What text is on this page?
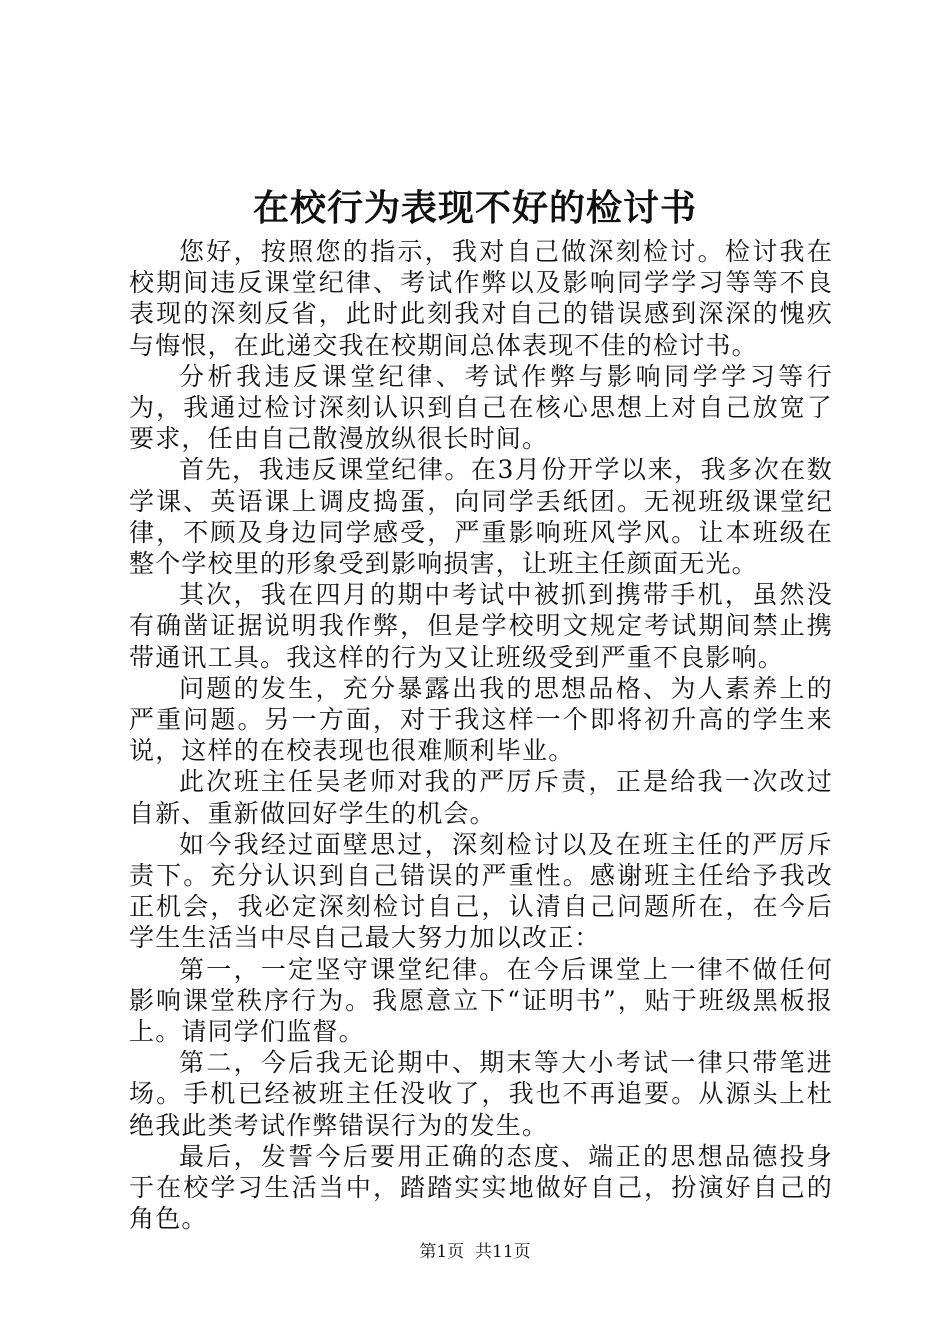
在校行为表现不好的检讨书

您好，按照您的指示，我对自己做深刻检讨。检讨我在校期间违反课堂纪律、考试作弊以及影响同学学习等等不良表现的深刻反省，此时此刻我对自己的错误感到深深的愧疚与悔恨，在此递交我在校期间总体表现不佳的检讨书。

分析我违反课堂纪律、考试作弊与影响同学学习等行为，我通过检讨深刻认识到自己在核心思想上对自己放宽了要求，任由自己散漫放纵很长时间。

首先，我违反课堂纪律。在3月份开学以来，我多次在数学课、英语课上调皮捣蛋，向同学丢纸团。无视班级课堂纪律，不顾及身边同学感受，严重影响班风学风。让本班级在整个学校里的形象受到影响损害，让班主任颜面无光。

其次，我在四月的期中考试中被抓到携带手机，虽然没有确凿证据说明我作弊，但是学校明文规定考试期间禁止携带通讯工具。我这样的行为又让班级受到严重不良影响。

问题的发生，充分暴露出我的思想品格、为人素养上的严重问题。另一方面，对于我这样一个即将初升高的学生来说，这样的在校表现也很难顺利毕业。

此次班主任吴老师对我的严厉斥责，正是给我一次改过自新、重新做回好学生的机会。

如今我经过面壁思过，深刻检讨以及在班主任的严厉斥责下。充分认识到自己错误的严重性。感谢班主任给予我改正机会，我必定深刻检讨自己，认清自己问题所在，在今后学生生活当中尽自己最大努力加以改正：

第一，一定坚守课堂纪律。在今后课堂上一律不做任何影响课堂秩序行为。我愿意立下“证明书”，贴于班级黑板报上。请同学们监督。

第二，今后我无论期中、期末等大小考试一律只带笔进场。手机已经被班主任没收了，我也不再追要。从源头上杜绝我此类考试作弊错误行为的发生。

最后，发誓今后要用正确的态度、端正的思想品德投身于在校学习生活当中，踏踏实实地做好自己，扮演好自己的角色。

第1页 共11页
